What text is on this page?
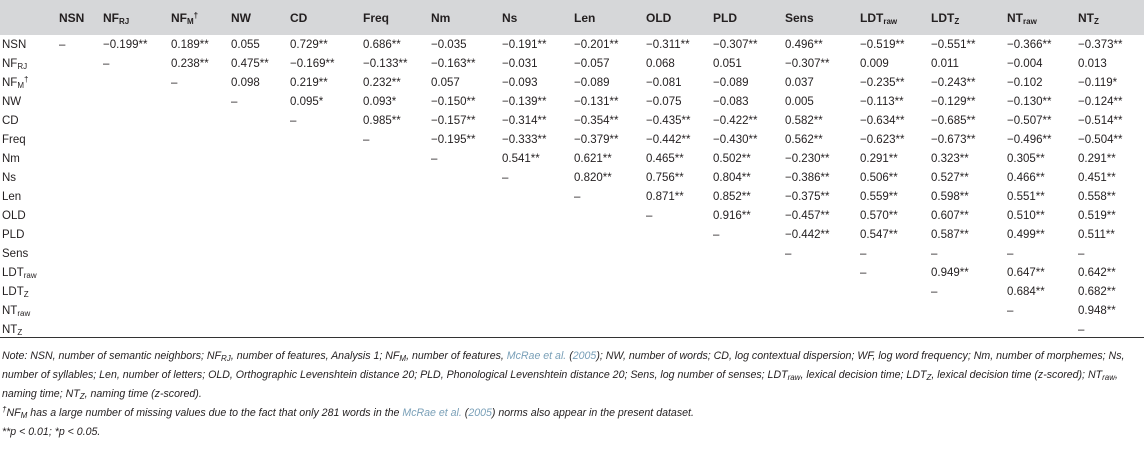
	NSN	$NF_{RJ}$	$NF_M^\dagger$	NW	CD	Freq	Nm	Ns	Len	OLD	PLD	Sens	$LDT_{raw}$	$LDT_Z$	$NT_{raw}$	$NT_Z$
NSN	–	−0.199**	0.189**	0.055	0.729**	0.686**	−0.035	−0.191**	−0.201**	−0.311**	−0.307**	0.496**	−0.519**	−0.551**	−0.366**	−0.373**
$NF_{RJ}$		–	0.238**	0.475**	−0.169**	−0.133**	−0.163**	−0.031	−0.057	0.068	0.051	−0.307**	0.009	0.011	−0.004	0.013
$NF_M^\dagger$			–	0.098	0.219**	0.232**	0.057	−0.093	−0.089	−0.081	−0.089	0.037	−0.235**	−0.243**	−0.102	−0.119*
NW				–	0.095*	0.093*	−0.150**	−0.139**	−0.131**	−0.075	−0.083	0.005	−0.113**	−0.129**	−0.130**	−0.124**
CD					–	0.985**	−0.157**	−0.314**	−0.354**	−0.435**	−0.422**	0.582**	−0.634**	−0.685**	−0.507**	−0.514**
Freq						–	−0.195**	−0.333**	−0.379**	−0.442**	−0.430**	0.562**	−0.623**	−0.673**	−0.496**	−0.504**
Nm							–	0.541**	0.621**	0.465**	0.502**	−0.230**	0.291**	0.323**	0.305**	0.291**
Ns								–	0.820**	0.756**	0.804**	−0.386**	0.506**	0.527**	0.466**	0.451**
Len									–	0.871**	0.852**	−0.375**	0.559**	0.598**	0.551**	0.558**
OLD										–	0.916**	−0.457**	0.570**	0.607**	0.510**	0.519**
PLD											–	−0.442**	0.547**	0.587**	0.499**	0.511**
Sens												–	–	–	–	–
$LDT_{raw}$													–	0.949**	0.647**	0.642**
$LDT_Z$														–	0.684**	0.682**
$NT_{raw}$															–	0.948**
$NT_Z$																–
Note: NSN, number of semantic neighbors; $NF_{RJ}$, number of features, Analysis 1; $NF_M$, number of features, McRae et al. (2005); NW, number of words; CD, log contextual dispersion; WF, log word frequency; Nm, number of morphemes; Ns, number of syllables; Len, number of letters; OLD, Orthographic Levenshtein distance 20; PLD, Phonological Levenshtein distance 20; Sens, log number of senses; $LDT_{raw}$, lexical decision time; $LDT_Z$, lexical decision time (z-scored); $NT_{raw}$, naming time; $NT_Z$, naming time (z-scored).
$^\dagger NF_M$ has a large number of missing values due to the fact that only 281 words in the McRae et al. (2005) norms also appear in the present dataset.
**p < 0.01; *p < 0.05.
